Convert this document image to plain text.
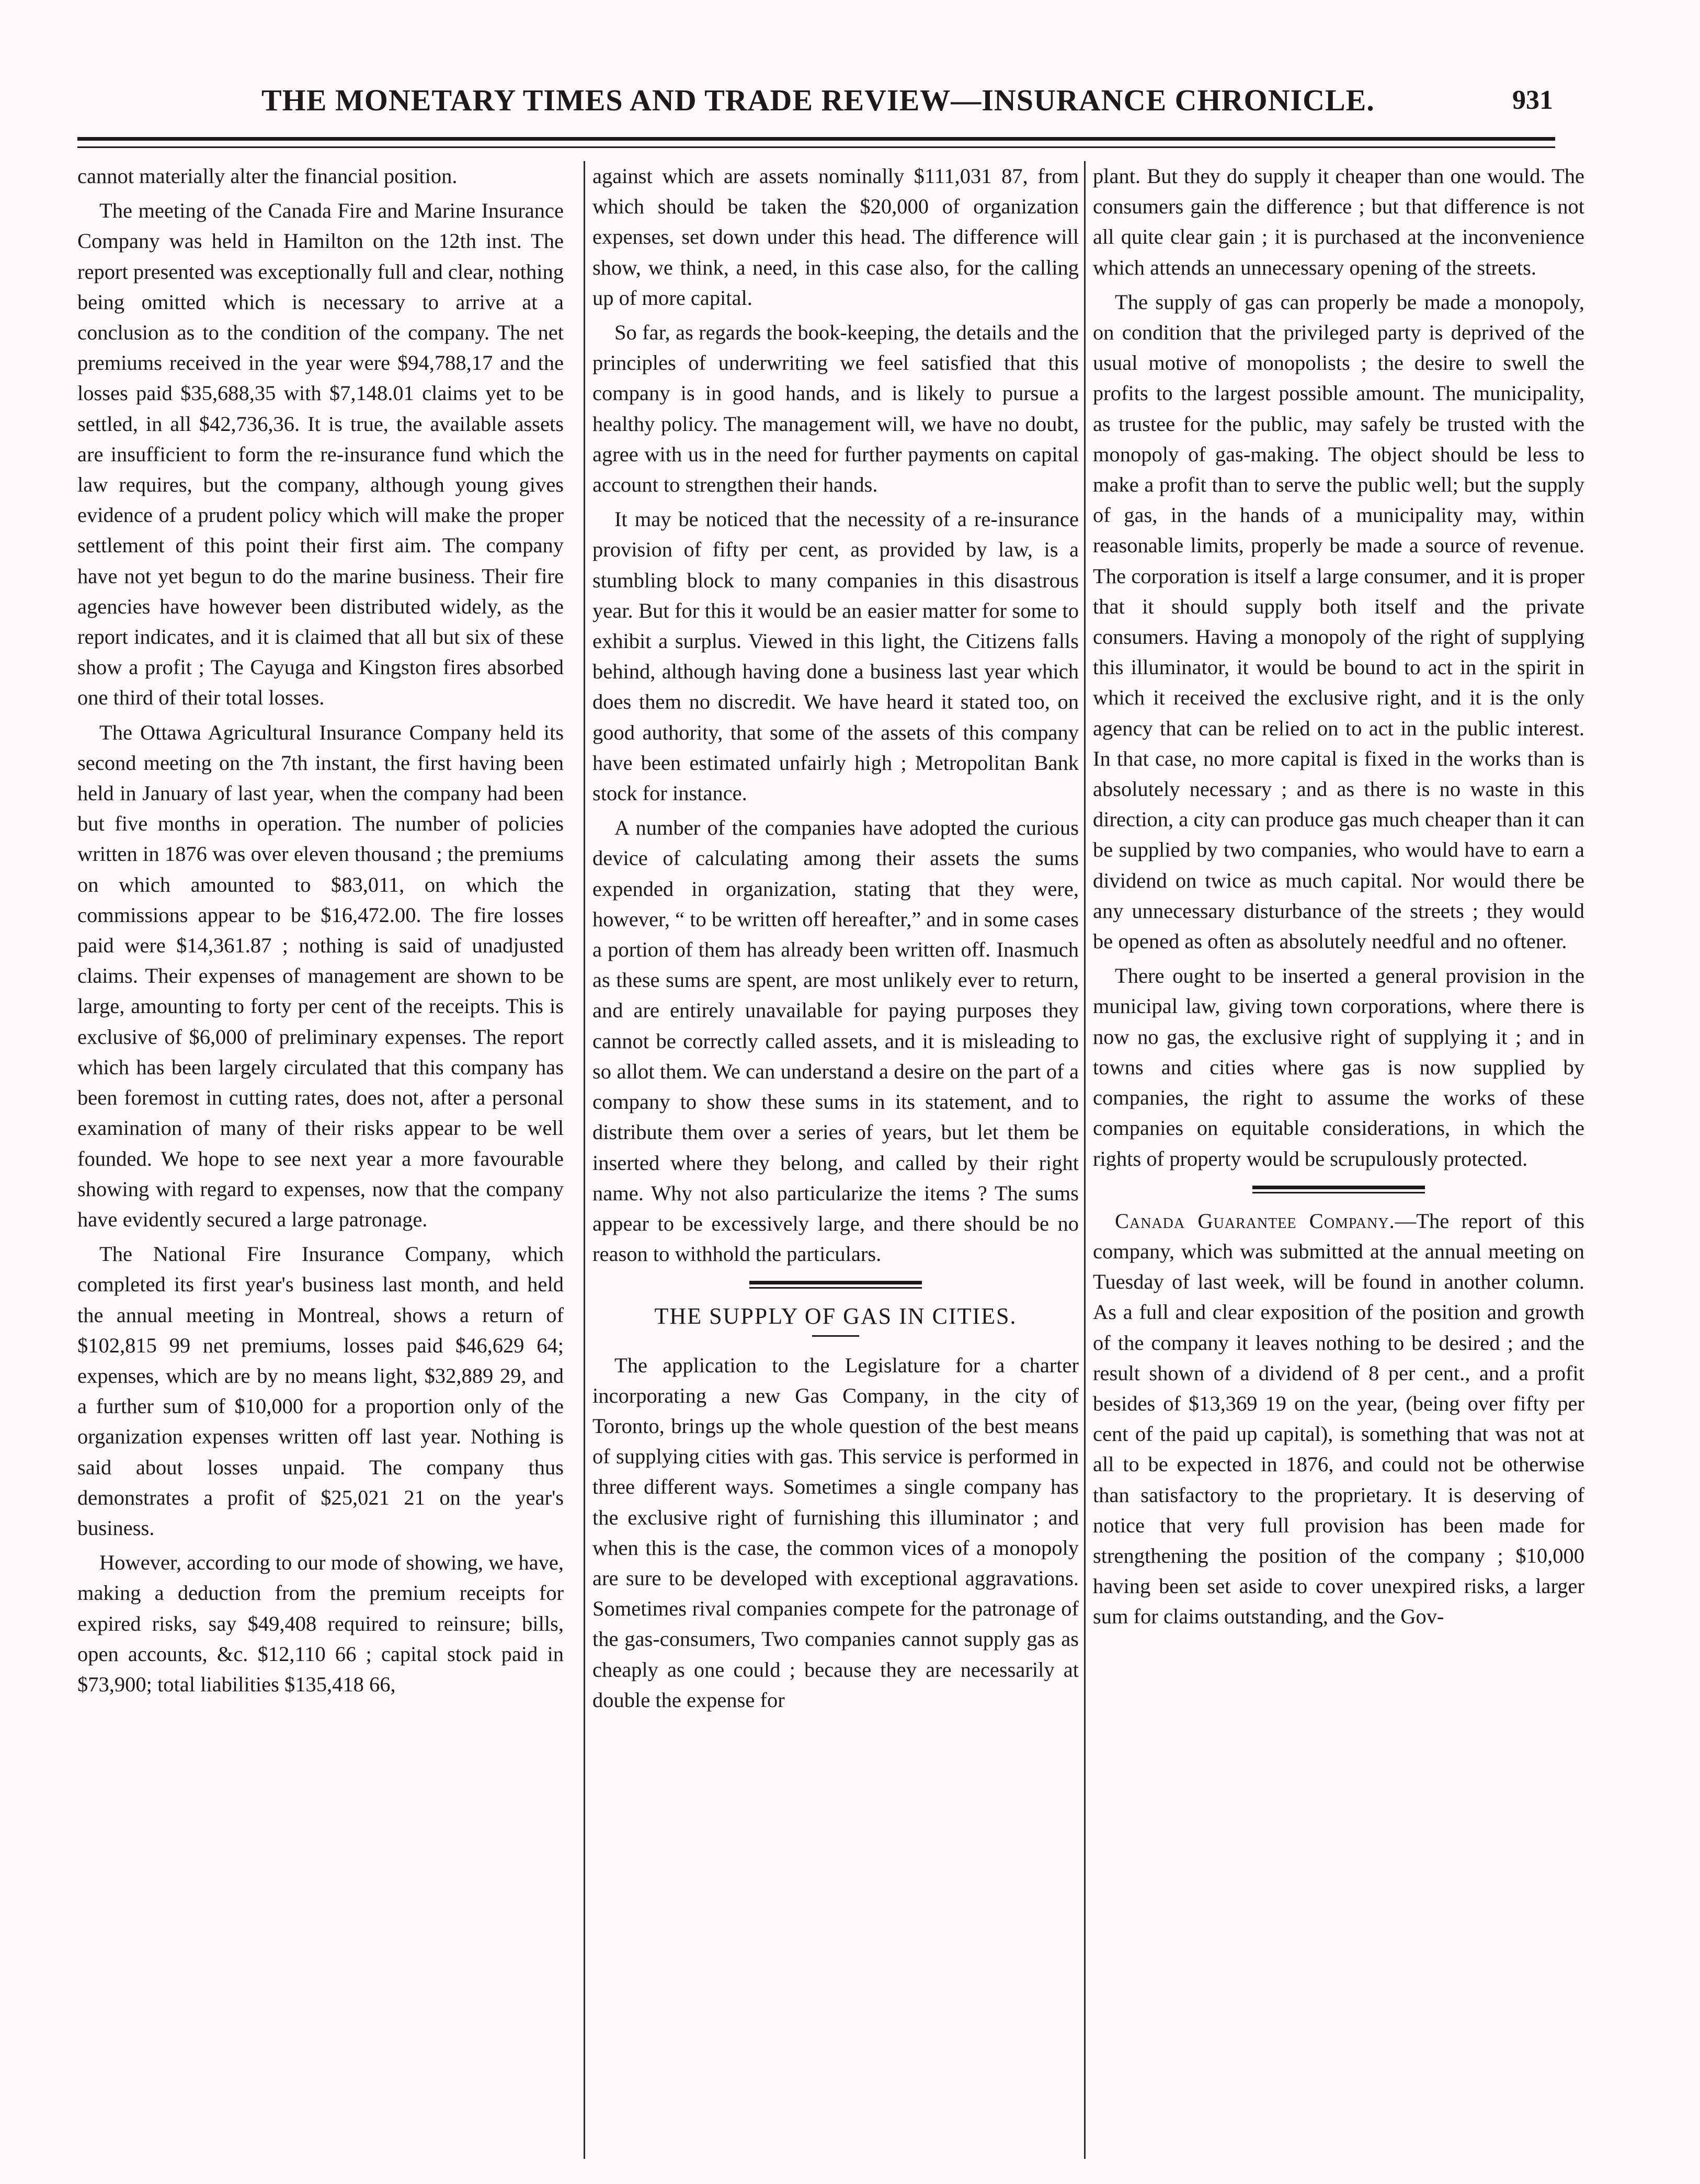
THE MONETARY TIMES AND TRADE REVIEW—INSURANCE CHRONICLE.	931

cannot materially alter the financial position.

The meeting of the Canada Fire and Marine Insurance Company was held in Hamilton on the 12th inst. The report presented was exceptionally full and clear, nothing being omitted which is necessary to arrive at a conclusion as to the condition of the company. The net premiums received in the year were $94,788,17 and the losses paid $35,688,35 with $7,148.01 claims yet to be settled, in all $42,736,36. It is true, the available assets are insufficient to form the re-insurance fund which the law requires, but the company, although young gives evidence of a prudent policy which will make the proper settlement of this point their first aim. The company have not yet begun to do the marine business. Their fire agencies have however been distributed widely, as the report indicates, and it is claimed that all but six of these show a profit ; The Cayuga and Kingston fires absorbed one third of their total losses.

The Ottawa Agricultural Insurance Company held its second meeting on the 7th instant, the first having been held in January of last year, when the company had been but five months in operation. The number of policies written in 1876 was over eleven thousand ; the premiums on which amounted to $83,011, on which the commissions appear to be $16,472.00. The fire losses paid were $14,361.87 ; nothing is said of unadjusted claims. Their expenses of management are shown to be large, amounting to forty per cent of the receipts. This is exclusive of $6,000 of preliminary expenses. The report which has been largely circulated that this company has been foremost in cutting rates, does not, after a personal examination of many of their risks appear to be well founded. We hope to see next year a more favourable showing with regard to expenses, now that the company have evidently secured a large patronage.

The National Fire Insurance Company, which completed its first year's business last month, and held the annual meeting in Montreal, shows a return of $102,815 99 net premiums, losses paid $46,629 64; expenses, which are by no means light, $32,889 29, and a further sum of $10,000 for a proportion only of the organization expenses written off last year. Nothing is said about losses unpaid. The company thus demonstrates a profit of $25,021 21 on the year's business.

However, according to our mode of showing, we have, making a deduction from the premium receipts for expired risks, say $49,408 required to reinsure; bills, open accounts, &c. $12,110 66 ; capital stock paid in $73,900; total liabilities $135,418 66,

against which are assets nominally $111,031 87, from which should be taken the $20,000 of organization expenses, set down under this head. The difference will show, we think, a need, in this case also, for the calling up of more capital.

So far, as regards the book-keeping, the details and the principles of underwriting we feel satisfied that this company is in good hands, and is likely to pursue a healthy policy. The management will, we have no doubt, agree with us in the need for further payments on capital account to strengthen their hands.

It may be noticed that the necessity of a re-insurance provision of fifty per cent, as provided by law, is a stumbling block to many companies in this disastrous year. But for this it would be an easier matter for some to exhibit a surplus. Viewed in this light, the Citizens falls behind, although having done a business last year which does them no discredit. We have heard it stated too, on good authority, that some of the assets of this company have been estimated unfairly high ; Metropolitan Bank stock for instance.

A number of the companies have adopted the curious device of calculating among their assets the sums expended in organization, stating that they were, however, “ to be written off hereafter,” and in some cases a portion of them has already been written off. Inasmuch as these sums are spent, are most unlikely ever to return, and are entirely unavailable for paying purposes they cannot be correctly called assets, and it is misleading to so allot them. We can understand a desire on the part of a company to show these sums in its statement, and to distribute them over a series of years, but let them be inserted where they belong, and called by their right name. Why not also particularize the items ? The sums appear to be excessively large, and there should be no reason to withhold the particulars.

THE SUPPLY OF GAS IN CITIES.

The application to the Legislature for a charter incorporating a new Gas Company, in the city of Toronto, brings up the whole question of the best means of supplying cities with gas. This service is performed in three different ways. Sometimes a single company has the exclusive right of furnishing this illuminator ; and when this is the case, the common vices of a monopoly are sure to be developed with exceptional aggravations. Sometimes rival companies compete for the patronage of the gas-consumers, Two companies cannot supply gas as cheaply as one could ; because they are necessarily at double the expense for

plant. But they do supply it cheaper than one would. The consumers gain the difference ; but that difference is not all quite clear gain ; it is purchased at the inconvenience which attends an unnecessary opening of the streets.

The supply of gas can properly be made a monopoly, on condition that the privileged party is deprived of the usual motive of monopolists ; the desire to swell the profits to the largest possible amount. The municipality, as trustee for the public, may safely be trusted with the monopoly of gas-making. The object should be less to make a profit than to serve the public well; but the supply of gas, in the hands of a municipality may, within reasonable limits, properly be made a source of revenue. The corporation is itself a large consumer, and it is proper that it should supply both itself and the private consumers. Having a monopoly of the right of supplying this illuminator, it would be bound to act in the spirit in which it received the exclusive right, and it is the only agency that can be relied on to act in the public interest. In that case, no more capital is fixed in the works than is absolutely necessary ; and as there is no waste in this direction, a city can produce gas much cheaper than it can be supplied by two companies, who would have to earn a dividend on twice as much capital. Nor would there be any unnecessary disturbance of the streets ; they would be opened as often as absolutely needful and no oftener.

There ought to be inserted a general provision in the municipal law, giving town corporations, where there is now no gas, the exclusive right of supplying it ; and in towns and cities where gas is now supplied by companies, the right to assume the works of these companies on equitable considerations, in which the rights of property would be scrupulously protected.

Canada Guarantee Company.—The report of this company, which was submitted at the annual meeting on Tuesday of last week, will be found in another column. As a full and clear exposition of the position and growth of the company it leaves nothing to be desired ; and the result shown of a dividend of 8 per cent., and a profit besides of $13,369 19 on the year, (being over fifty per cent of the paid up capital), is something that was not at all to be expected in 1876, and could not be otherwise than satisfactory to the proprietary. It is deserving of notice that very full provision has been made for strengthening the position of the company ; $10,000 having been set aside to cover unexpired risks, a larger sum for claims outstanding, and the Gov-
